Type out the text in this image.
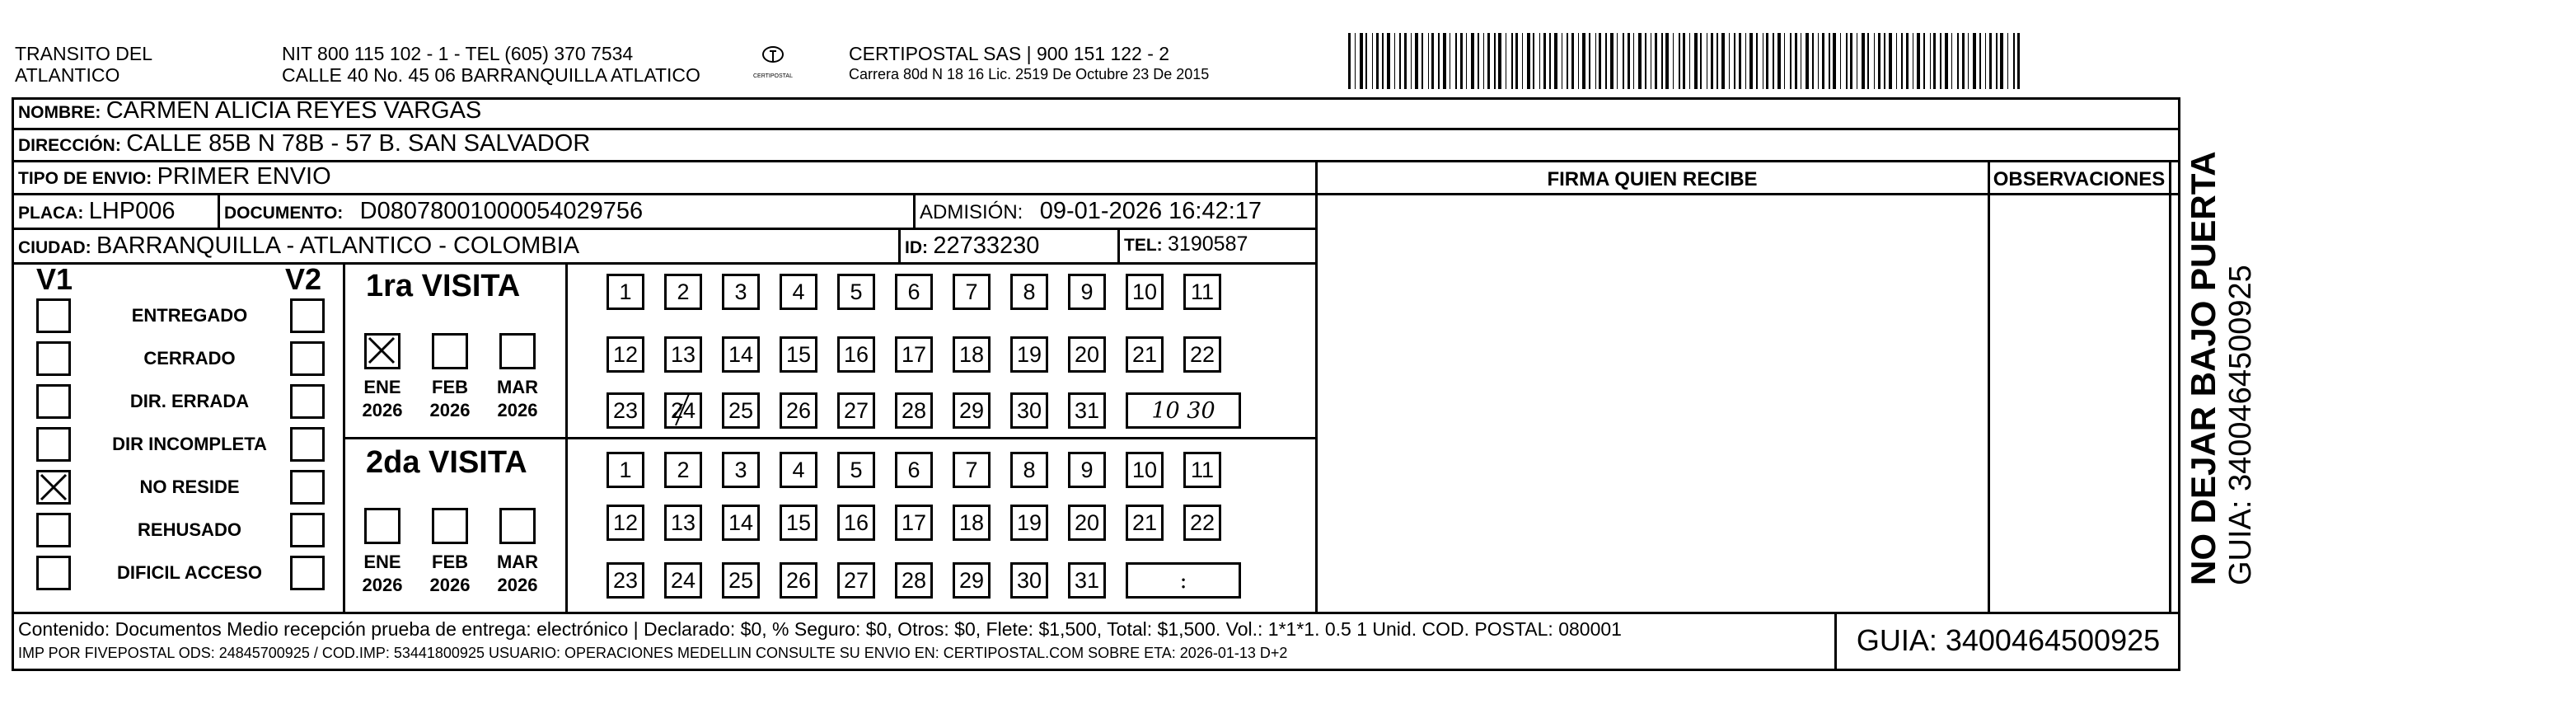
TRANSITO DEL
ATLANTICO
NIT 800 115 102 - 1 - TEL (605) 370 7534
CALLE 40 No. 45 06 BARRANQUILLA ATLATICO	CERTIPOSTAL
CERTIPOSTAL SAS | 900 151 122 - 2
Carrera 80d N 18 16 Lic. 2519 De Octubre 23 De 2015
NOMBRE: CARMEN ALICIA REYES VARGAS
DIRECCIÓN: CALLE 85B N 78B - 57 B. SAN SALVADOR
TIPO DE ENVIO: PRIMER ENVIO
PLACA: LHP006	DOCUMENTO: D08078001000054029756	ADMISIÓN: 09-01-2026 16:42:17
CIUDAD: BARRANQUILLA - ATLANTICO - COLOMBIA	ID: 22733230	TEL: 3190587
FIRMA QUIEN RECIBE	OBSERVACIONES
V1	V2
ENTREGADO
CERRADO
DIR. ERRADA
DIR INCOMPLETA
NO RESIDE
REHUSADO
DIFICIL ACCESO
1ra VISITA
2da VISITA
ENE
2026
FEB
2026
MAR
2026
ENE
2026
FEB
2026
MAR
2026
1	2	3	4	5	6	7	8	9	10	11
12 13 14 15 16 17 18 19 20 21 22
23 24 25 26 27 28 29 30 31	10 30
1	2	3	4	5	6	7	8	9	10	11
12 13 14 15 16 17 18 19 20 21 22
23 24 25 26 27 28 29 30 31	:
Contenido: Documentos Medio recepción prueba de entrega: electrónico | Declarado: $0, % Seguro: $0, Otros: $0, Flete: $1,500, Total: $1,500. Vol.: 1*1*1. 0.5 1 Unid. COD. POSTAL: 080001
IMP POR FIVEPOSTAL ODS: 24845700925 / COD.IMP: 53441800925 USUARIO: OPERACIONES MEDELLIN CONSULTE SU ENVIO EN: CERTIPOSTAL.COM SOBRE ETA: 2026-01-13 D+2	GUIA: 3400464500925
NO DEJAR BAJO PUERTA GUIA: 3400464500925
